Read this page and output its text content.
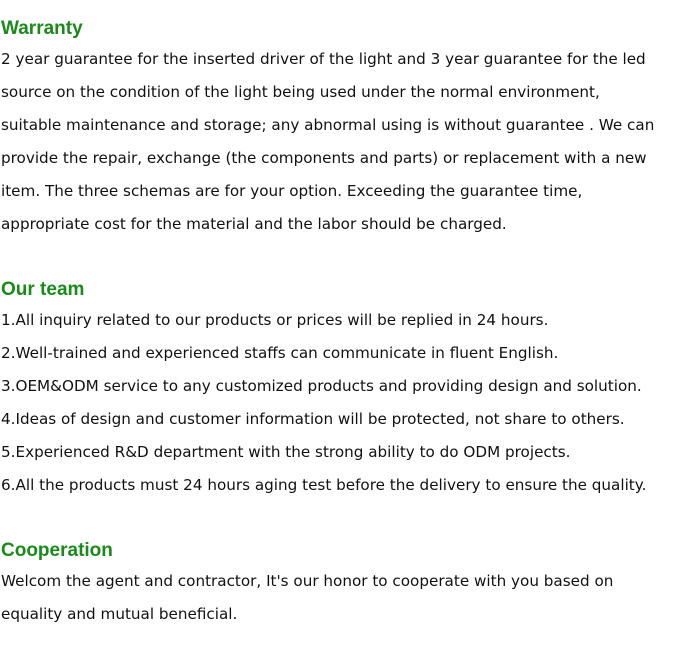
Warranty
2 year guarantee for the inserted driver of the light and 3 year guarantee for the led
source on the condition of the light being used under the normal environment,
suitable maintenance and storage; any abnormal using is without guarantee . We can
provide the repair, exchange (the components and parts) or replacement with a new
item. The three schemas are for your option. Exceeding the guarantee time,
appropriate cost for the material and the labor should be charged.
Our team
1.All inquiry related to our products or prices will be replied in 24 hours.
2.Well-trained and experienced staffs can communicate in fluent English.
3.OEM&ODM service to any customized products and providing design and solution.
4.Ideas of design and customer information will be protected, not share to others.
5.Experienced R&D department with the strong ability to do ODM projects.
6.All the products must 24 hours aging test before the delivery to ensure the quality.
Cooperation
Welcom the agent and contractor, It's our honor to cooperate with you based on
equality and mutual beneficial.
